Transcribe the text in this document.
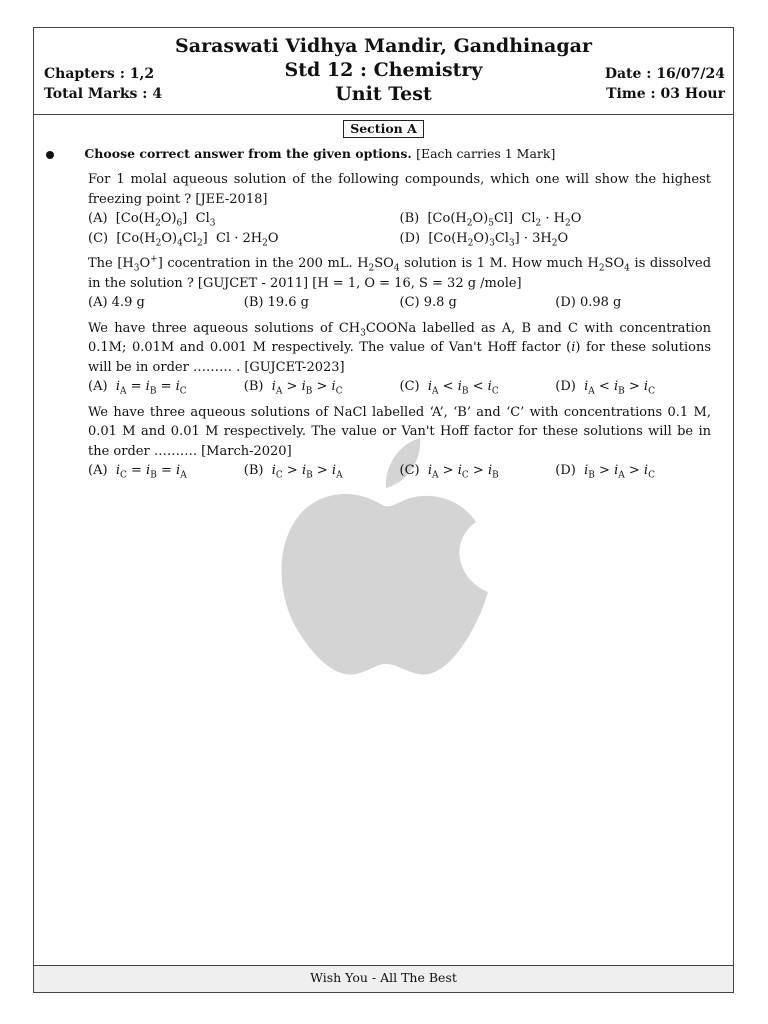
Saraswati Vidhya Mandir, Gandhinagar
Std 12 : Chemistry
Unit Test
Chapters : 1,2
Total Marks : 4
Date : 16/07/24
Time : 03 Hour
Section A
Choose correct answer from the given options. [Each carries 1 Mark]
For 1 molal aqueous solution of the following compounds, which one will show the highest freezing point ? [JEE-2018]
(A)  $[Co(H_2O)_6]$  $Cl_3$	(B)  $[Co(H_2O)_5Cl] Cl_2 \cdot H_2O$
(C)  $[Co(H_2O)_4Cl_2] Cl \cdot 2H_2O$	(D)  $[Co(H_2O)_3Cl_3] \cdot 3H_2O$
The $[H_3O^+]$ cocentration in the 200 mL. $H_2SO_4$ solution is 1 M. How much $H_2SO_4$ is dissolved in the solution ? [GUJCET - 2011] [H = 1, O = 16, S = 32 g /mole]
(A) 4.9 g	(B) 19.6 g	(C) 9.8 g	(D) 0.98 g
We have three aqueous solutions of $CH_3COONa$ labelled as A, B and C with concentration 0.1M; 0.01M and 0.001 M respectively. The value of Van't Hoff factor (i) for these solutions will be in order ……… . [GUJCET-2023]
(A) $i_A = i_B = i_C$	(B) $i_A > i_B > i_C$	(C) $i_A < i_B < i_C$	(D) $i_A < i_B > i_C$
We have three aqueous solutions of NaCl labelled ‘A’, ‘B’ and ‘C’ with concentrations 0.1 M, 0.01 M and 0.01 M respectively. The value or Van't Hoff factor for these solutions will be in the order ………. [March-2020]
(A) $i_C = i_B = i_A$	(B) $i_C > i_B > i_A$	(C) $i_A > i_C > i_B$	(D) $i_B > i_A > i_C$
Wish You - All The Best
